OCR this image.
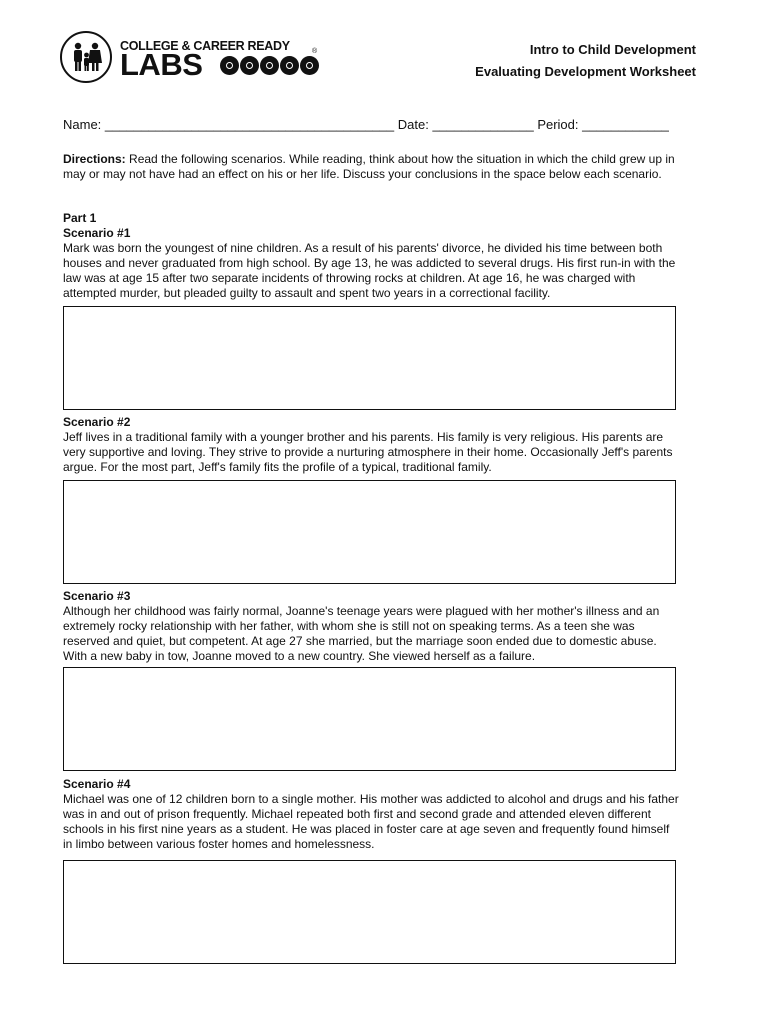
COLLEGE & CAREER READY
LABS	®	Intro to Child Development
Evaluating Development Worksheet
Name: ________________________________________ Date: ______________ Period: ____________
Directions: Read the following scenarios. While reading, think about how the situation in which the child grew up in may or may not have had an effect on his or her life. Discuss your conclusions in the space below each scenario.
Part 1
Scenario #1
Mark was born the youngest of nine children. As a result of his parents' divorce, he divided his time between both houses and never graduated from high school. By age 13, he was addicted to several drugs. His first run-in with the law was at age 15 after two separate incidents of throwing rocks at children. At age 16, he was charged with attempted murder, but pleaded guilty to assault and spent two years in a correctional facility.
Scenario #2
Jeff lives in a traditional family with a younger brother and his parents. His family is very religious. His parents are very supportive and loving. They strive to provide a nurturing atmosphere in their home. Occasionally Jeff's parents argue. For the most part, Jeff's family fits the profile of a typical, traditional family.
Scenario #3
Although her childhood was fairly normal, Joanne's teenage years were plagued with her mother's illness and an extremely rocky relationship with her father, with whom she is still not on speaking terms. As a teen she was reserved and quiet, but competent. At age 27 she married, but the marriage soon ended due to domestic abuse. With a new baby in tow, Joanne moved to a new country. She viewed herself as a failure.
Scenario #4
Michael was one of 12 children born to a single mother. His mother was addicted to alcohol and drugs and his father was in and out of prison frequently. Michael repeated both first and second grade and attended eleven different schools in his first nine years as a student. He was placed in foster care at age seven and frequently found himself in limbo between various foster homes and homelessness.
